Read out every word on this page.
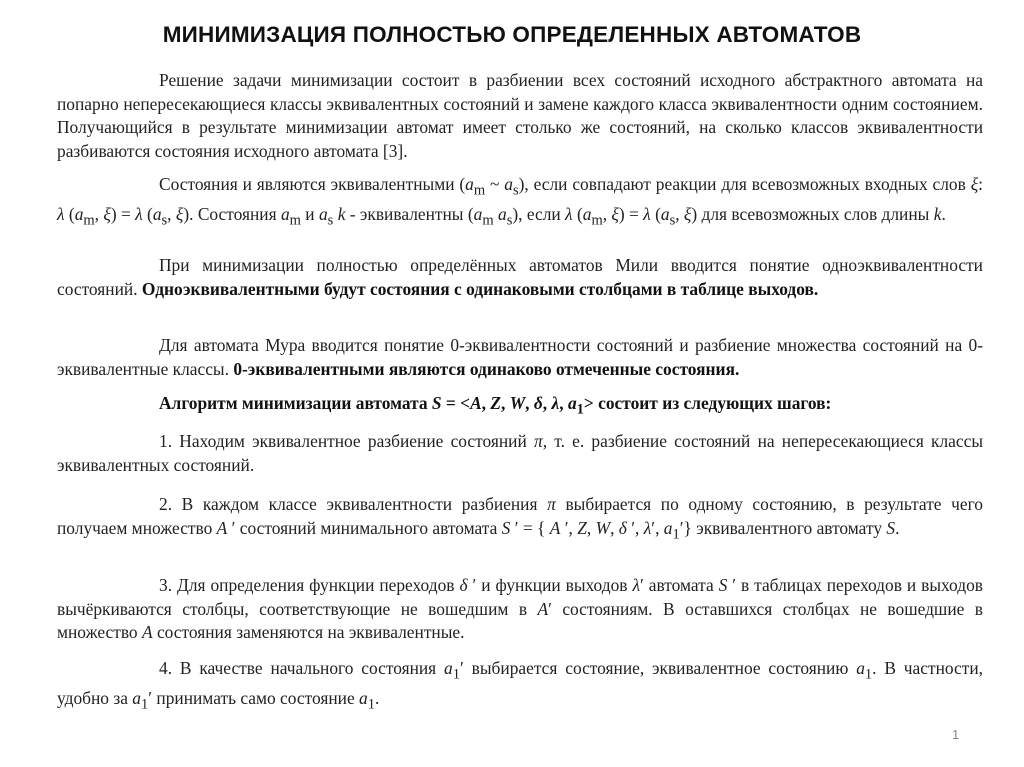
МИНИМИЗАЦИЯ ПОЛНОСТЬЮ ОПРЕДЕЛЕННЫХ АВТОМАТОВ

Решение задачи минимизации состоит в разбиении всех состояний исходного абстрактного автомата на попарно непересекающиеся классы эквивалентных состояний и замене каждого класса эквивалентности одним состоянием. Получающийся в результате минимизации автомат имеет столько же состояний, на сколько классов эквивалентности разбиваются состояния исходного автомата [3].

Состояния и являются эквивалентными ($a_m$ ~ $a_s$), если совпадают реакции для всевозможных входных слов ξ: λ ($a_m$, ξ) = λ ($a_s$, ξ). Состояния $a_m$ и $a_s$ k - эквивалентны ($a_m$ $a_s$), если λ ($a_m$, ξ) = λ ($a_s$, ξ) для всевозможных слов длины k.

При минимизации полностью определённых автоматов Мили вводится понятие одноэквивалентности состояний. Одноэквивалентными будут состояния с одинаковыми столбцами в таблице выходов.

Для автомата Мура вводится понятие 0-эквивалентности состояний и разбиение множества состояний на 0-эквивалентные классы. 0-эквивалентными являются одинаково отмеченные состояния.

Алгоритм минимизации автомата S = <A, Z, W, δ, λ, $a_1>$ состоит из следующих шагов:

1. Находим эквивалентное разбиение состояний π, т. е. разбиение состояний на непересекающиеся классы эквивалентных состояний.

2. В каждом классе эквивалентности разбиения π выбирается по одному состоянию, в результате чего получаем множество A ′ состояний минимального автомата S ′ = { A ′, Z, W, δ ′, λ′, $a_1'$} эквивалентного автомату S.

3. Для определения функции переходов δ ′ и функции выходов λ′ автомата S ′ в таблицах переходов и выходов вычёркиваются столбцы, соответствующие не вошедшим в A′ состояниям. В оставшихся столбцах не вошедшие в множество A состояния заменяются на эквивалентные.

4. В качестве начального состояния $a_1'$ выбирается состояние, эквивалентное состоянию $a_1$. В частности, удобно за $a_1'$ принимать само состояние $a_1$.

1
